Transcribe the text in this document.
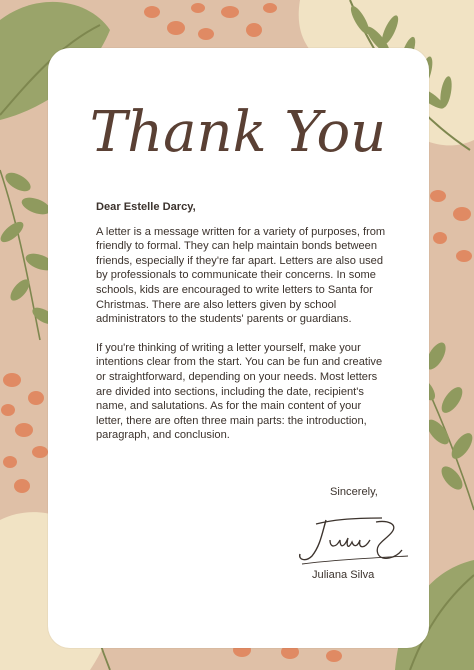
Thank You

Dear Estelle Darcy,

A letter is a message written for a variety of purposes, from friendly to formal. They can help maintain bonds between friends, especially if they're far apart. Letters are also used by professionals to communicate their concerns. In some schools, kids are encouraged to write letters to Santa for Christmas. There are also letters given by school administrators to the students' parents or guardians.

If you're thinking of writing a letter yourself, make your intentions clear from the start. You can be fun and creative or straightforward, depending on your needs. Most letters are divided into sections, including the date, recipient's name, and salutations. As for the main content of your letter, there are often three main parts: the introduction, paragraph, and conclusion.

Sincerely,
Juliana Silva
